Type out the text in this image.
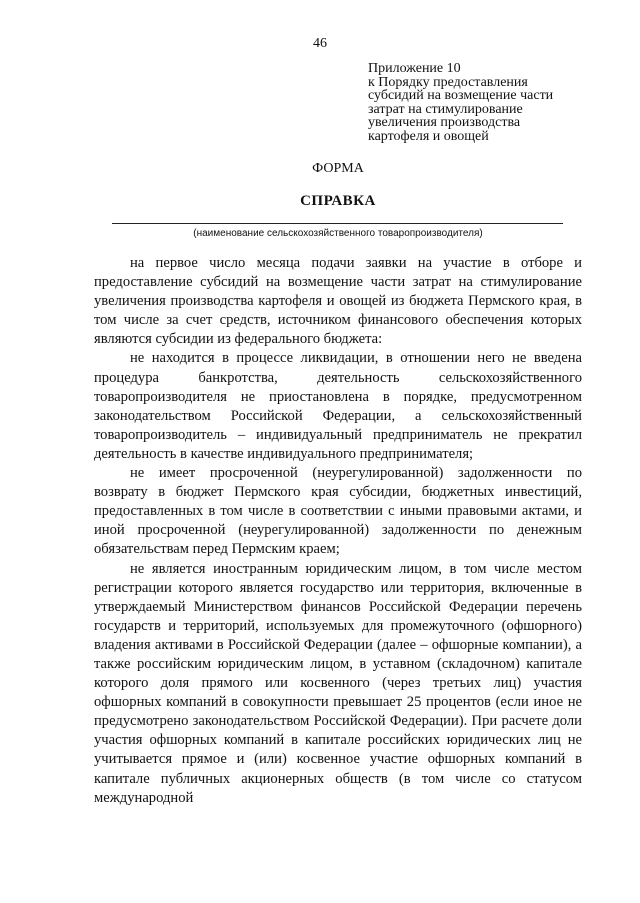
46
Приложение 10
к Порядку предоставления
субсидий на возмещение части
затрат на стимулирование
увеличения производства
картофеля и овощей
ФОРМА
СПРАВКА
(наименование сельскохозяйственного товаропроизводителя)

на первое число месяца подачи заявки на участие в отборе и предоставление субсидий на возмещение части затрат на стимулирование увеличения производства картофеля и овощей из бюджета Пермского края, в том числе за счет средств, источником финансового обеспечения которых являются субсидии из федерального бюджета:

не находится в процессе ликвидации, в отношении него не введена процедура банкротства, деятельность сельскохозяйственного товаропроизводителя не приостановлена в порядке, предусмотренном законодательством Российской Федерации, а сельскохозяйственный товаропроизводитель – индивидуальный предприниматель не прекратил деятельность в качестве индивидуального предпринимателя;

не имеет просроченной (неурегулированной) задолженности по возврату в бюджет Пермского края субсидии, бюджетных инвестиций, предоставленных в том числе в соответствии с иными правовыми актами, и иной просроченной (неурегулированной) задолженности по денежным обязательствам перед Пермским краем;

не является иностранным юридическим лицом, в том числе местом регистрации которого является государство или территория, включенные в утверждаемый Министерством финансов Российской Федерации перечень государств и территорий, используемых для промежуточного (офшорного) владения активами в Российской Федерации (далее – офшорные компании), а также российским юридическим лицом, в уставном (складочном) капитале которого доля прямого или косвенного (через третьих лиц) участия офшорных компаний в совокупности превышает 25 процентов (если иное не предусмотрено законодательством Российской Федерации). При расчете доли участия офшорных компаний в капитале российских юридических лиц не учитывается прямое и (или) косвенное участие офшорных компаний в капитале публичных акционерных обществ (в том числе со статусом международной
